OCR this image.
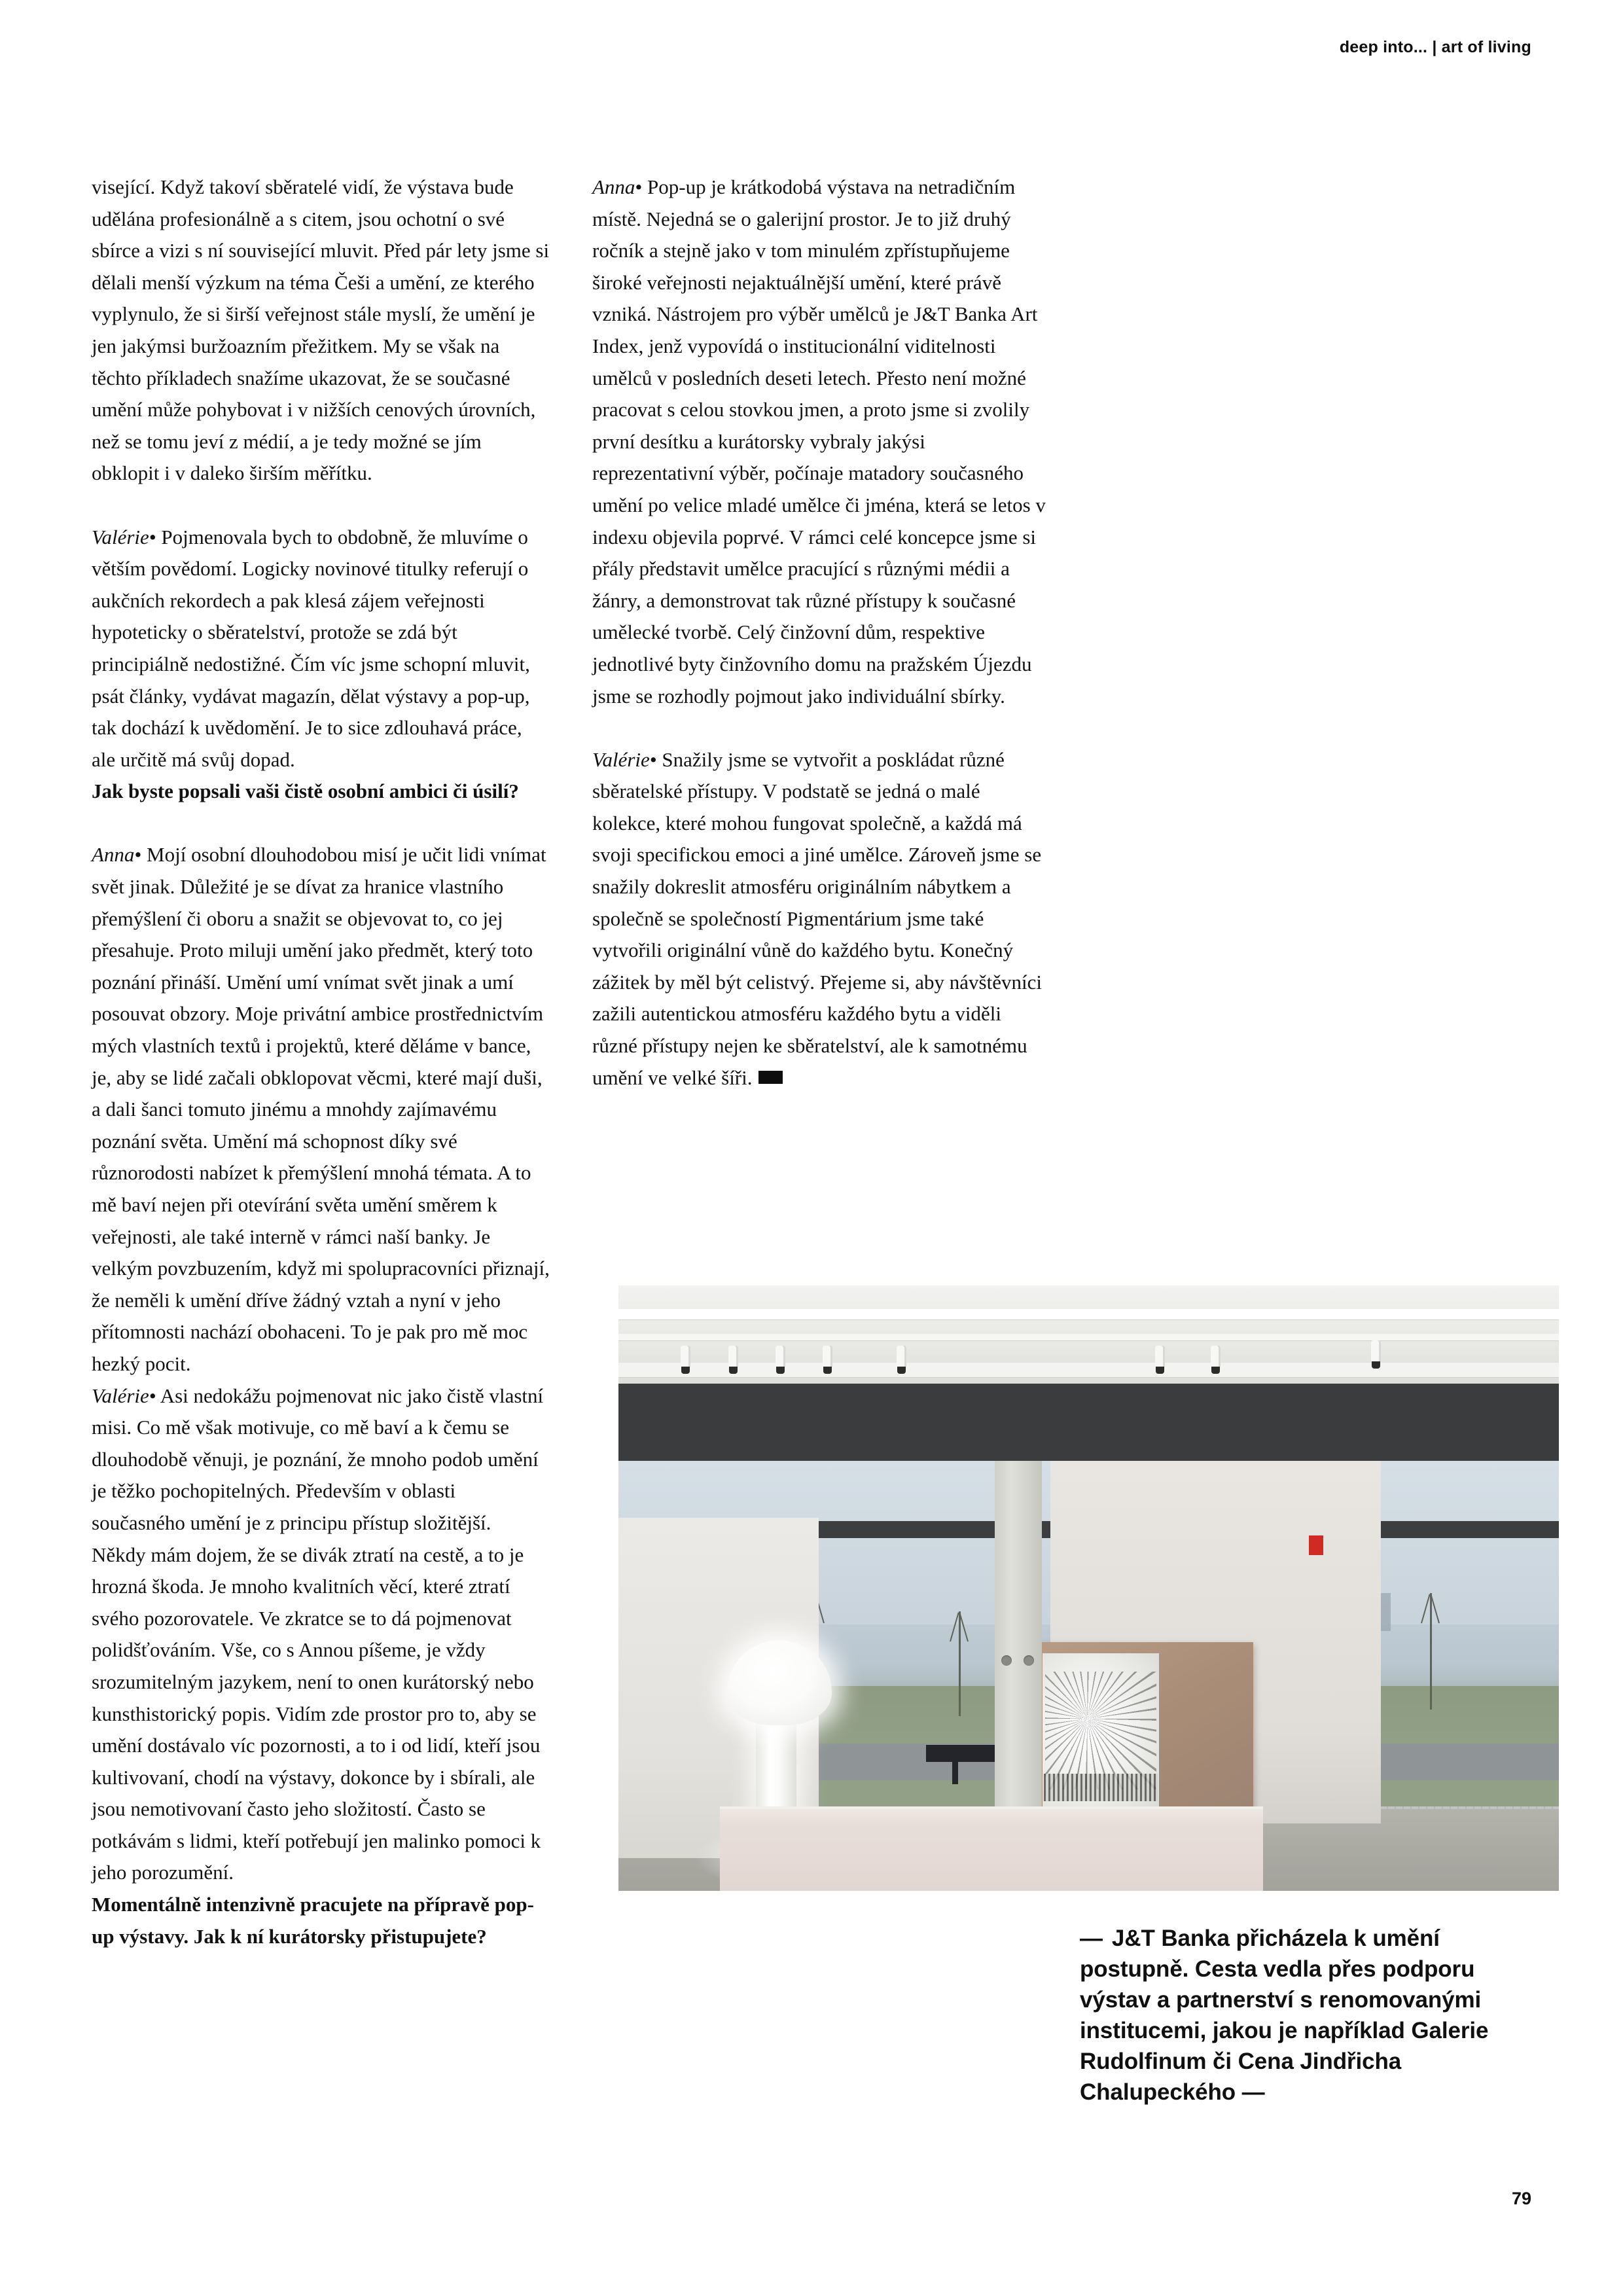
deep into... | art of living

visející. Když takoví sběratelé vidí, že výstava bude udělána profesionálně a s citem, jsou ochotní o své sbírce a vizi s ní související mluvit. Před pár lety jsme si dělali menší výzkum na téma Češi a umění, ze kterého vyplynulo, že si širší veřejnost stále myslí, že umění je jen jakýmsi buržoazním přežitkem. My se však na těchto příkladech snažíme ukazovat, že se současné umění může pohybovat i v nižších cenových úrovních, než se tomu jeví z médií, a je tedy možné se jím obklopit i v daleko širším měřítku.

Valérie• Pojmenovala bych to obdobně, že mluvíme o větším povědomí. Logicky novinové titulky referují o aukčních rekordech a pak klesá zájem veřejnosti hypoteticky o sběratelství, protože se zdá být principiálně nedostižné. Čím víc jsme schopní mluvit, psát články, vydávat magazín, dělat výstavy a pop-up, tak dochází k uvědomění. Je to sice zdlouhavá práce, ale určitě má svůj dopad.

Jak byste popsali vaši čistě osobní ambici či úsilí?

Anna• Mojí osobní dlouhodobou misí je učit lidi vnímat svět jinak. Důležité je se dívat za hranice vlastního přemýšlení či oboru a snažit se objevovat to, co jej přesahuje. Proto miluji umění jako předmět, který toto poznání přináší. Umění umí vnímat svět jinak a umí posouvat obzory. Moje privátní ambice prostřednictvím mých vlastních textů i projektů, které děláme v bance, je, aby se lidé začali obklopovat věcmi, které mají duši, a dali šanci tomuto jinému a mnohdy zajímavému poznání světa. Umění má schopnost díky své různorodosti nabízet k přemýšlení mnohá témata. A to mě baví nejen při otevírání světa umění směrem k veřejnosti, ale také interně v rámci naší banky. Je velkým povzbuzením, když mi spolupracovníci přiznají, že neměli k umění dříve žádný vztah a nyní v jeho přítomnosti nachází obohaceni. To je pak pro mě moc hezký pocit.

Valérie• Asi nedokážu pojmenovat nic jako čistě vlastní misi. Co mě však motivuje, co mě baví a k čemu se dlouhodobě věnuji, je poznání, že mnoho podob umění je těžko pochopitelných. Především v oblasti současného umění je z principu přístup složitější. Někdy mám dojem, že se divák ztratí na cestě, a to je hrozná škoda. Je mnoho kvalitních věcí, které ztratí svého pozorovatele. Ve zkratce se to dá pojmenovat polidšťováním. Vše, co s Annou píšeme, je vždy srozumitelným jazykem, není to onen kurátorský nebo kunsthistorický popis. Vidím zde prostor pro to, aby se umění dostávalo víc pozornosti, a to i od lidí, kteří jsou kultivovaní, chodí na výstavy, dokonce by i sbírali, ale jsou nemotivovaní často jeho složitostí. Často se potkávám s lidmi, kteří potřebují jen malinko pomoci k jeho porozumění.

Momentálně intenzivně pracujete na přípravě pop-up výstavy. Jak k ní kurátorsky přistupujete?

Anna• Pop-up je krátkodobá výstava na netradičním místě. Nejedná se o galerijní prostor. Je to již druhý ročník a stejně jako v tom minulém zpřístupňujeme široké veřejnosti nejaktuálnější umění, které právě vzniká. Nástrojem pro výběr umělců je J&T Banka Art Index, jenž vypovídá o institucionální viditelnosti umělců v posledních deseti letech. Přesto není možné pracovat s celou stovkou jmen, a proto jsme si zvolily první desítku a kurátorsky vybraly jakýsi reprezentativní výběr, počínaje matadory současného umění po velice mladé umělce či jména, která se letos v indexu objevila poprvé. V rámci celé koncepce jsme si přály představit umělce pracující s různými médii a žánry, a demonstrovat tak různé přístupy k současné umělecké tvorbě. Celý činžovní dům, respektive jednotlivé byty činžovního domu na pražském Újezdu jsme se rozhodly pojmout jako individuální sbírky.

Valérie• Snažily jsme se vytvořit a poskládat různé sběratelské přístupy. V podstatě se jedná o malé kolekce, které mohou fungovat společně, a každá má svoji specifickou emoci a jiné umělce. Zároveň jsme se snažily dokreslit atmosféru originálním nábytkem a společně se společností Pigmentárium jsme také vytvořili originální vůně do každého bytu. Konečný zážitek by měl být celistvý. Přejeme si, aby návštěvníci zažili autentickou atmosféru každého bytu a viděli různé přístupy nejen ke sběratelství, ale k samotnému umění ve velké šíři.

— J&T Banka přicházela k umění postupně. Cesta vedla přes podporu výstav a partnerství s renomovanými institucemi, jakou je například Galerie Rudolfinum či Cena Jindřicha Chalupeckého —
79
